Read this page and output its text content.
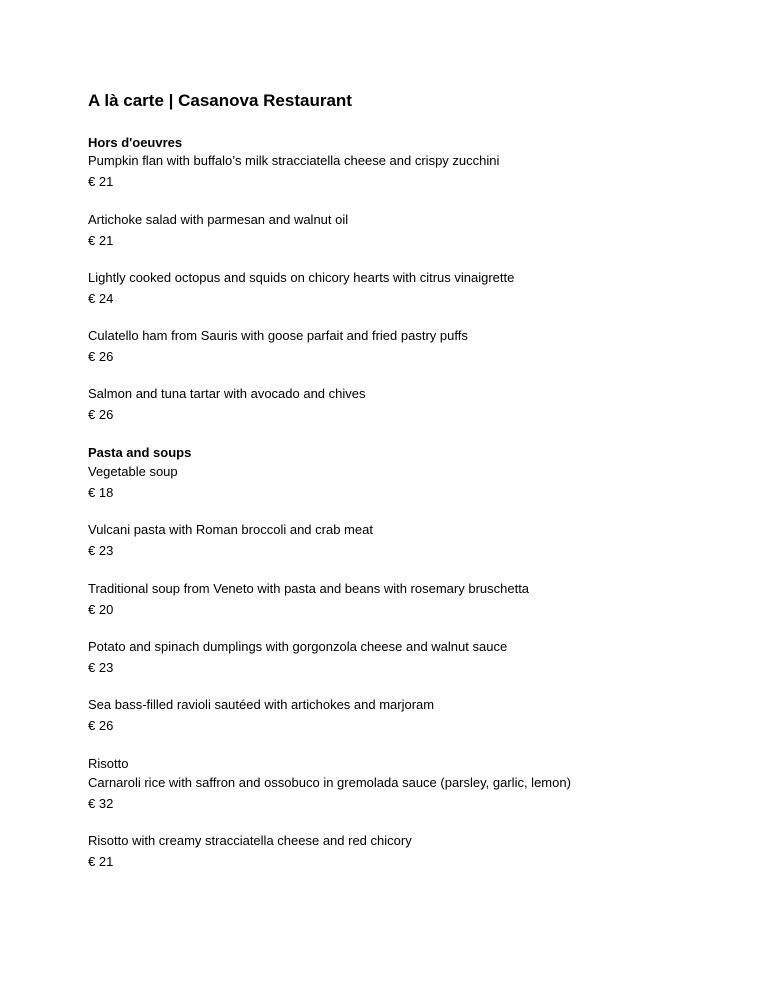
A là carte | Casanova Restaurant
Hors d'oeuvres
Pumpkin flan with buffalo’s milk stracciatella cheese and crispy zucchini
€ 21
Artichoke salad with parmesan and walnut oil
€ 21
Lightly cooked octopus and squids on chicory hearts with citrus vinaigrette
€ 24
Culatello ham from Sauris with goose parfait and fried pastry puffs
€ 26
Salmon and tuna tartar with avocado and chives
€ 26
Pasta and soups
Vegetable soup
€ 18
Vulcani pasta with Roman broccoli and crab meat
€ 23
Traditional soup from Veneto with pasta and beans with rosemary bruschetta
€ 20
Potato and spinach dumplings with gorgonzola cheese and walnut sauce
€ 23
Sea bass-filled ravioli sautéed with artichokes and marjoram
€ 26
Risotto
Carnaroli rice with saffron and ossobuco in gremolada sauce (parsley, garlic, lemon)
€ 32
Risotto with creamy stracciatella cheese and red chicory
€ 21
